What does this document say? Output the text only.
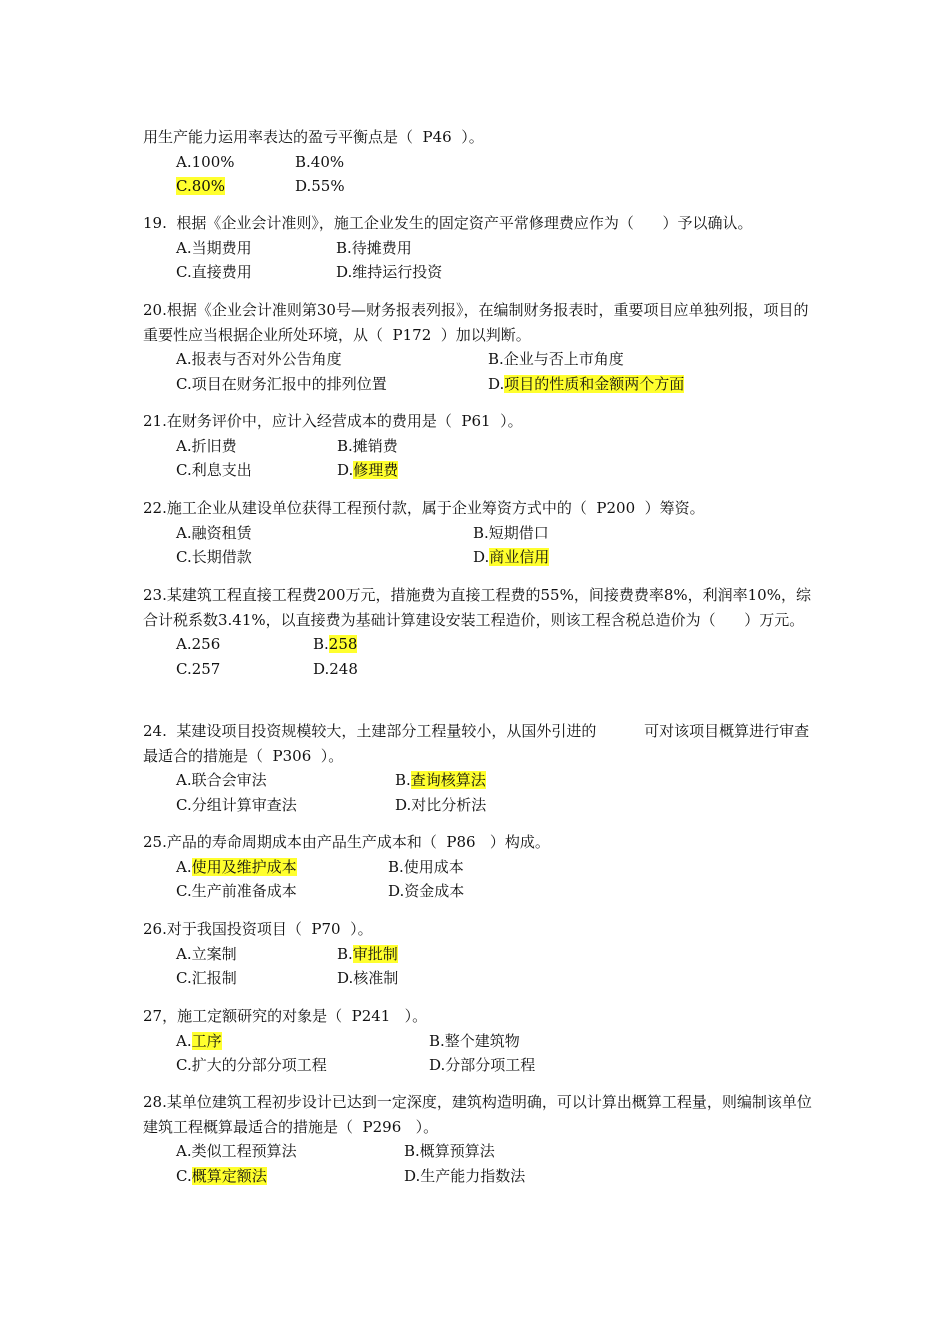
用生产能力运用率表达的盈亏平衡点是（  P46  ）。

A.100%	B.40%
C.80%	D.55%

19.  根据《企业会计准则》，施工企业发生的固定资产平常修理费应作为（      ）予以确认。

A.当期费用	B.待摊费用
C.直接费用	D.维持运行投资

20.根据《企业会计准则第30号—财务报表列报》，在编制财务报表时，重要项目应单独列报，项目的重要性应当根据企业所处环境，从（  P172  ）加以判断。

A.报表与否对外公告角度	B.企业与否上市角度
C.项目在财务汇报中的排列位置	D.项目的性质和金额两个方面

21.在财务评价中，应计入经营成本的费用是（  P61  ）。

A.折旧费	B.摊销费
C.利息支出	D.修理费

22.施工企业从建设单位获得工程预付款，属于企业筹资方式中的（  P200  ）筹资。

A.融资租赁	B.短期借口
C.长期借款	D.商业信用

23.某建筑工程直接工程费200万元，措施费为直接工程费的55%，间接费费率8%，利润率10%，综合计税系数3.41%，以直接费为基础计算建设安装工程造价，则该工程含税总造价为（      ）万元。

A.256	B.258
C.257	D.248

24.  某建设项目投资规模较大，土建部分工程量较小，从国外引进的          可对该项目概算进行审查最适合的措施是（  P306  ）。

A.联合会审法	B.查询核算法
C.分组计算审查法	D.对比分析法

25.产品的寿命周期成本由产品生产成本和（  P86   ）构成。

A.使用及维护成本	B.使用成本
C.生产前准备成本	D.资金成本

26.对于我国投资项目（  P70  ）。

A.立案制	B.审批制
C.汇报制	D.核准制

27，施工定额研究的对象是（  P241   ）。

A.工序	B.整个建筑物
C.扩大的分部分项工程	D.分部分项工程

28.某单位建筑工程初步设计已达到一定深度，建筑构造明确，可以计算出概算工程量，则编制该单位建筑工程概算最适合的措施是（  P296   ）。

A.类似工程预算法	B.概算预算法
C.概算定额法	D.生产能力指数法
